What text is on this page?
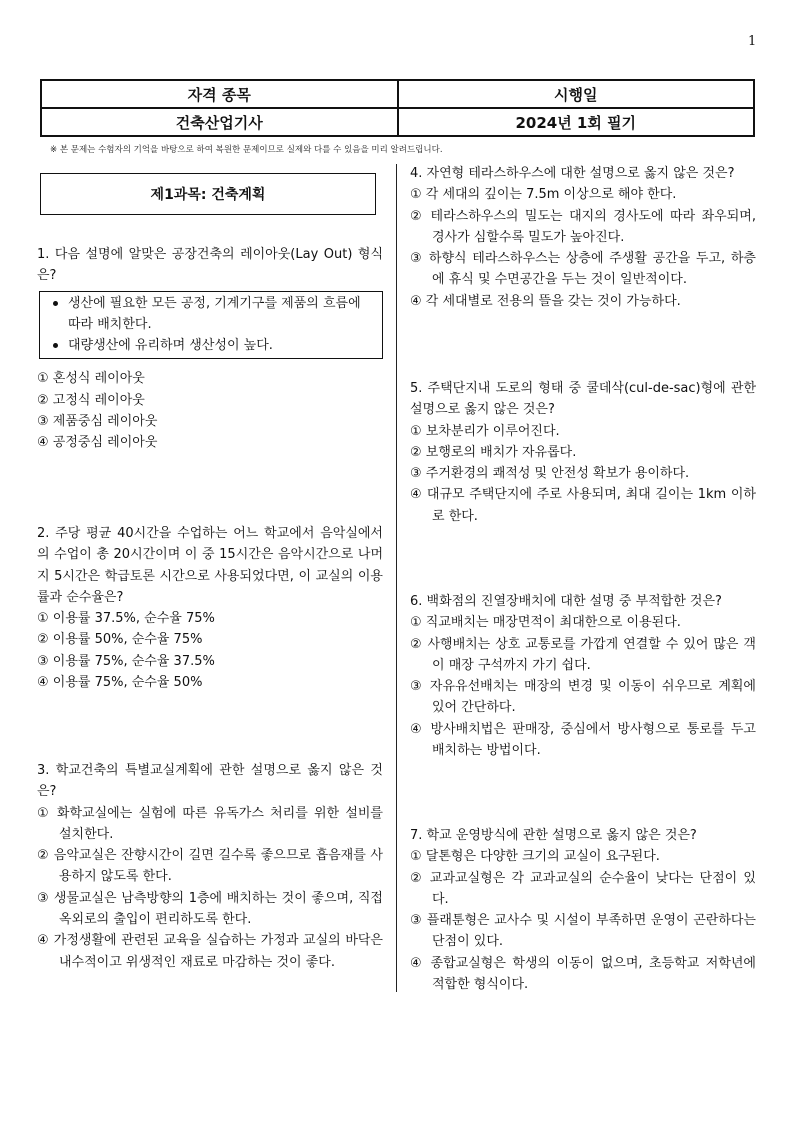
1
자격 종목	시행일
건축산업기사	2024년 1회 필기
※ 본 문제는 수험자의 기억을 바탕으로 하여 복원한 문제이므로 실제와 다를 수 있음을 미리 알려드립니다.
제1과목: 건축계획
1. 다음 설명에 알맞은 공장건축의 레이아웃(Lay Out) 형식은?
생산에 필요한 모든 공정, 기계기구를 제품의 흐름에 따라 배치한다.
대량생산에 유리하며 생산성이 높다.
① 혼성식 레이아웃
② 고정식 레이아웃
③ 제품중심 레이아웃
④ 공정중심 레이아웃
2. 주당 평균 40시간을 수업하는 어느 학교에서 음악실에서의 수업이 총 20시간이며 이 중 15시간은 음악시간으로 나머지 5시간은 학급토론 시간으로 사용되었다면, 이 교실의 이용률과 순수율은?
① 이용률 37.5%, 순수율 75%
② 이용률 50%, 순수율 75%
③ 이용률 75%, 순수율 37.5%
④ 이용률 75%, 순수율 50%
3. 학교건축의 특별교실계획에 관한 설명으로 옳지 않은 것은?
① 화학교실에는 실험에 따른 유독가스 처리를 위한 설비를 설치한다.
② 음악교실은 잔향시간이 길면 길수록 좋으므로 흡음재를 사용하지 않도록 한다.
③ 생물교실은 남측방향의 1층에 배치하는 것이 좋으며, 직접 옥외로의 출입이 편리하도록 한다.
④ 가정생활에 관련된 교육을 실습하는 가정과 교실의 바닥은 내수적이고 위생적인 재료로 마감하는 것이 좋다.
4. 자연형 테라스하우스에 대한 설명으로 옳지 않은 것은?
① 각 세대의 깊이는 7.5m 이상으로 해야 한다.
② 테라스하우스의 밀도는 대지의 경사도에 따라 좌우되며, 경사가 심할수록 밀도가 높아진다.
③ 하향식 테라스하우스는 상층에 주생활 공간을 두고, 하층에 휴식 및 수면공간을 두는 것이 일반적이다.
④ 각 세대별로 전용의 뜰을 갖는 것이 가능하다.
5. 주택단지내 도로의 형태 중 쿨데삭(cul-de-sac)형에 관한 설명으로 옳지 않은 것은?
① 보차분리가 이루어진다.
② 보행로의 배치가 자유롭다.
③ 주거환경의 쾌적성 및 안전성 확보가 용이하다.
④ 대규모 주택단지에 주로 사용되며, 최대 길이는 1km 이하로 한다.
6. 백화점의 진열장배치에 대한 설명 중 부적합한 것은?
① 직교배치는 매장면적이 최대한으로 이용된다.
② 사행배치는 상호 교통로를 가깝게 연결할 수 있어 많은 객이 매장 구석까지 가기 쉽다.
③ 자유유선배치는 매장의 변경 및 이동이 쉬우므로 계획에 있어 간단하다.
④ 방사배치법은 판매장, 중심에서 방사형으로 통로를 두고 배치하는 방법이다.
7. 학교 운영방식에 관한 설명으로 옳지 않은 것은?
① 달톤형은 다양한 크기의 교실이 요구된다.
② 교과교실형은 각 교과교실의 순수율이 낮다는 단점이 있다.
③ 플래툰형은 교사수 및 시설이 부족하면 운영이 곤란하다는 단점이 있다.
④ 종합교실형은 학생의 이동이 없으며, 초등학교 저학년에 적합한 형식이다.
